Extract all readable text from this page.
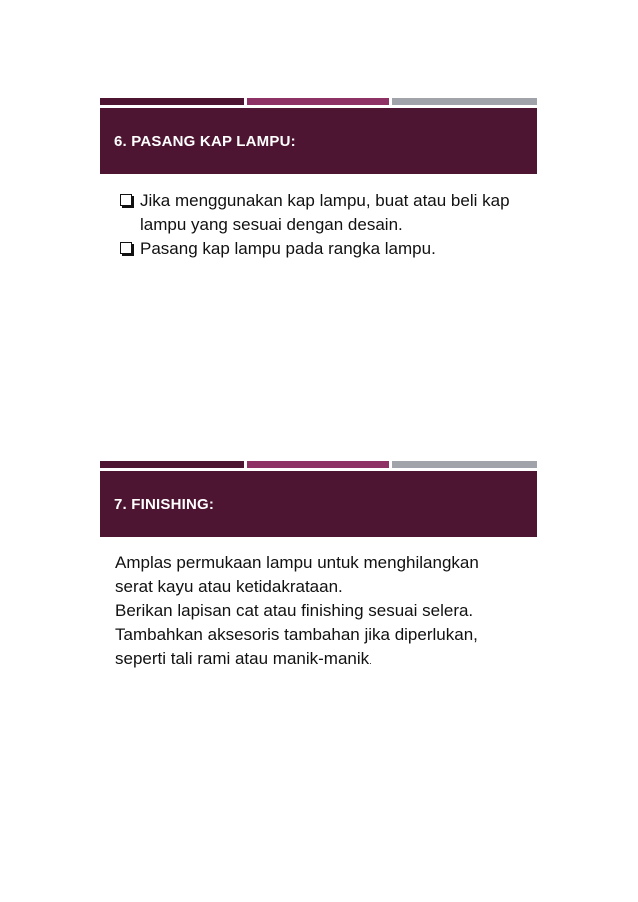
6. PASANG KAP LAMPU:
Jika menggunakan kap lampu, buat atau beli kap
lampu yang sesuai dengan desain.
Pasang kap lampu pada rangka lampu.
7. FINISHING:

Amplas permukaan lampu untuk menghilangkan

serat kayu atau ketidakrataan.

Berikan lapisan cat atau finishing sesuai selera.

Tambahkan aksesoris tambahan jika diperlukan,

seperti tali rami atau manik-manik.
